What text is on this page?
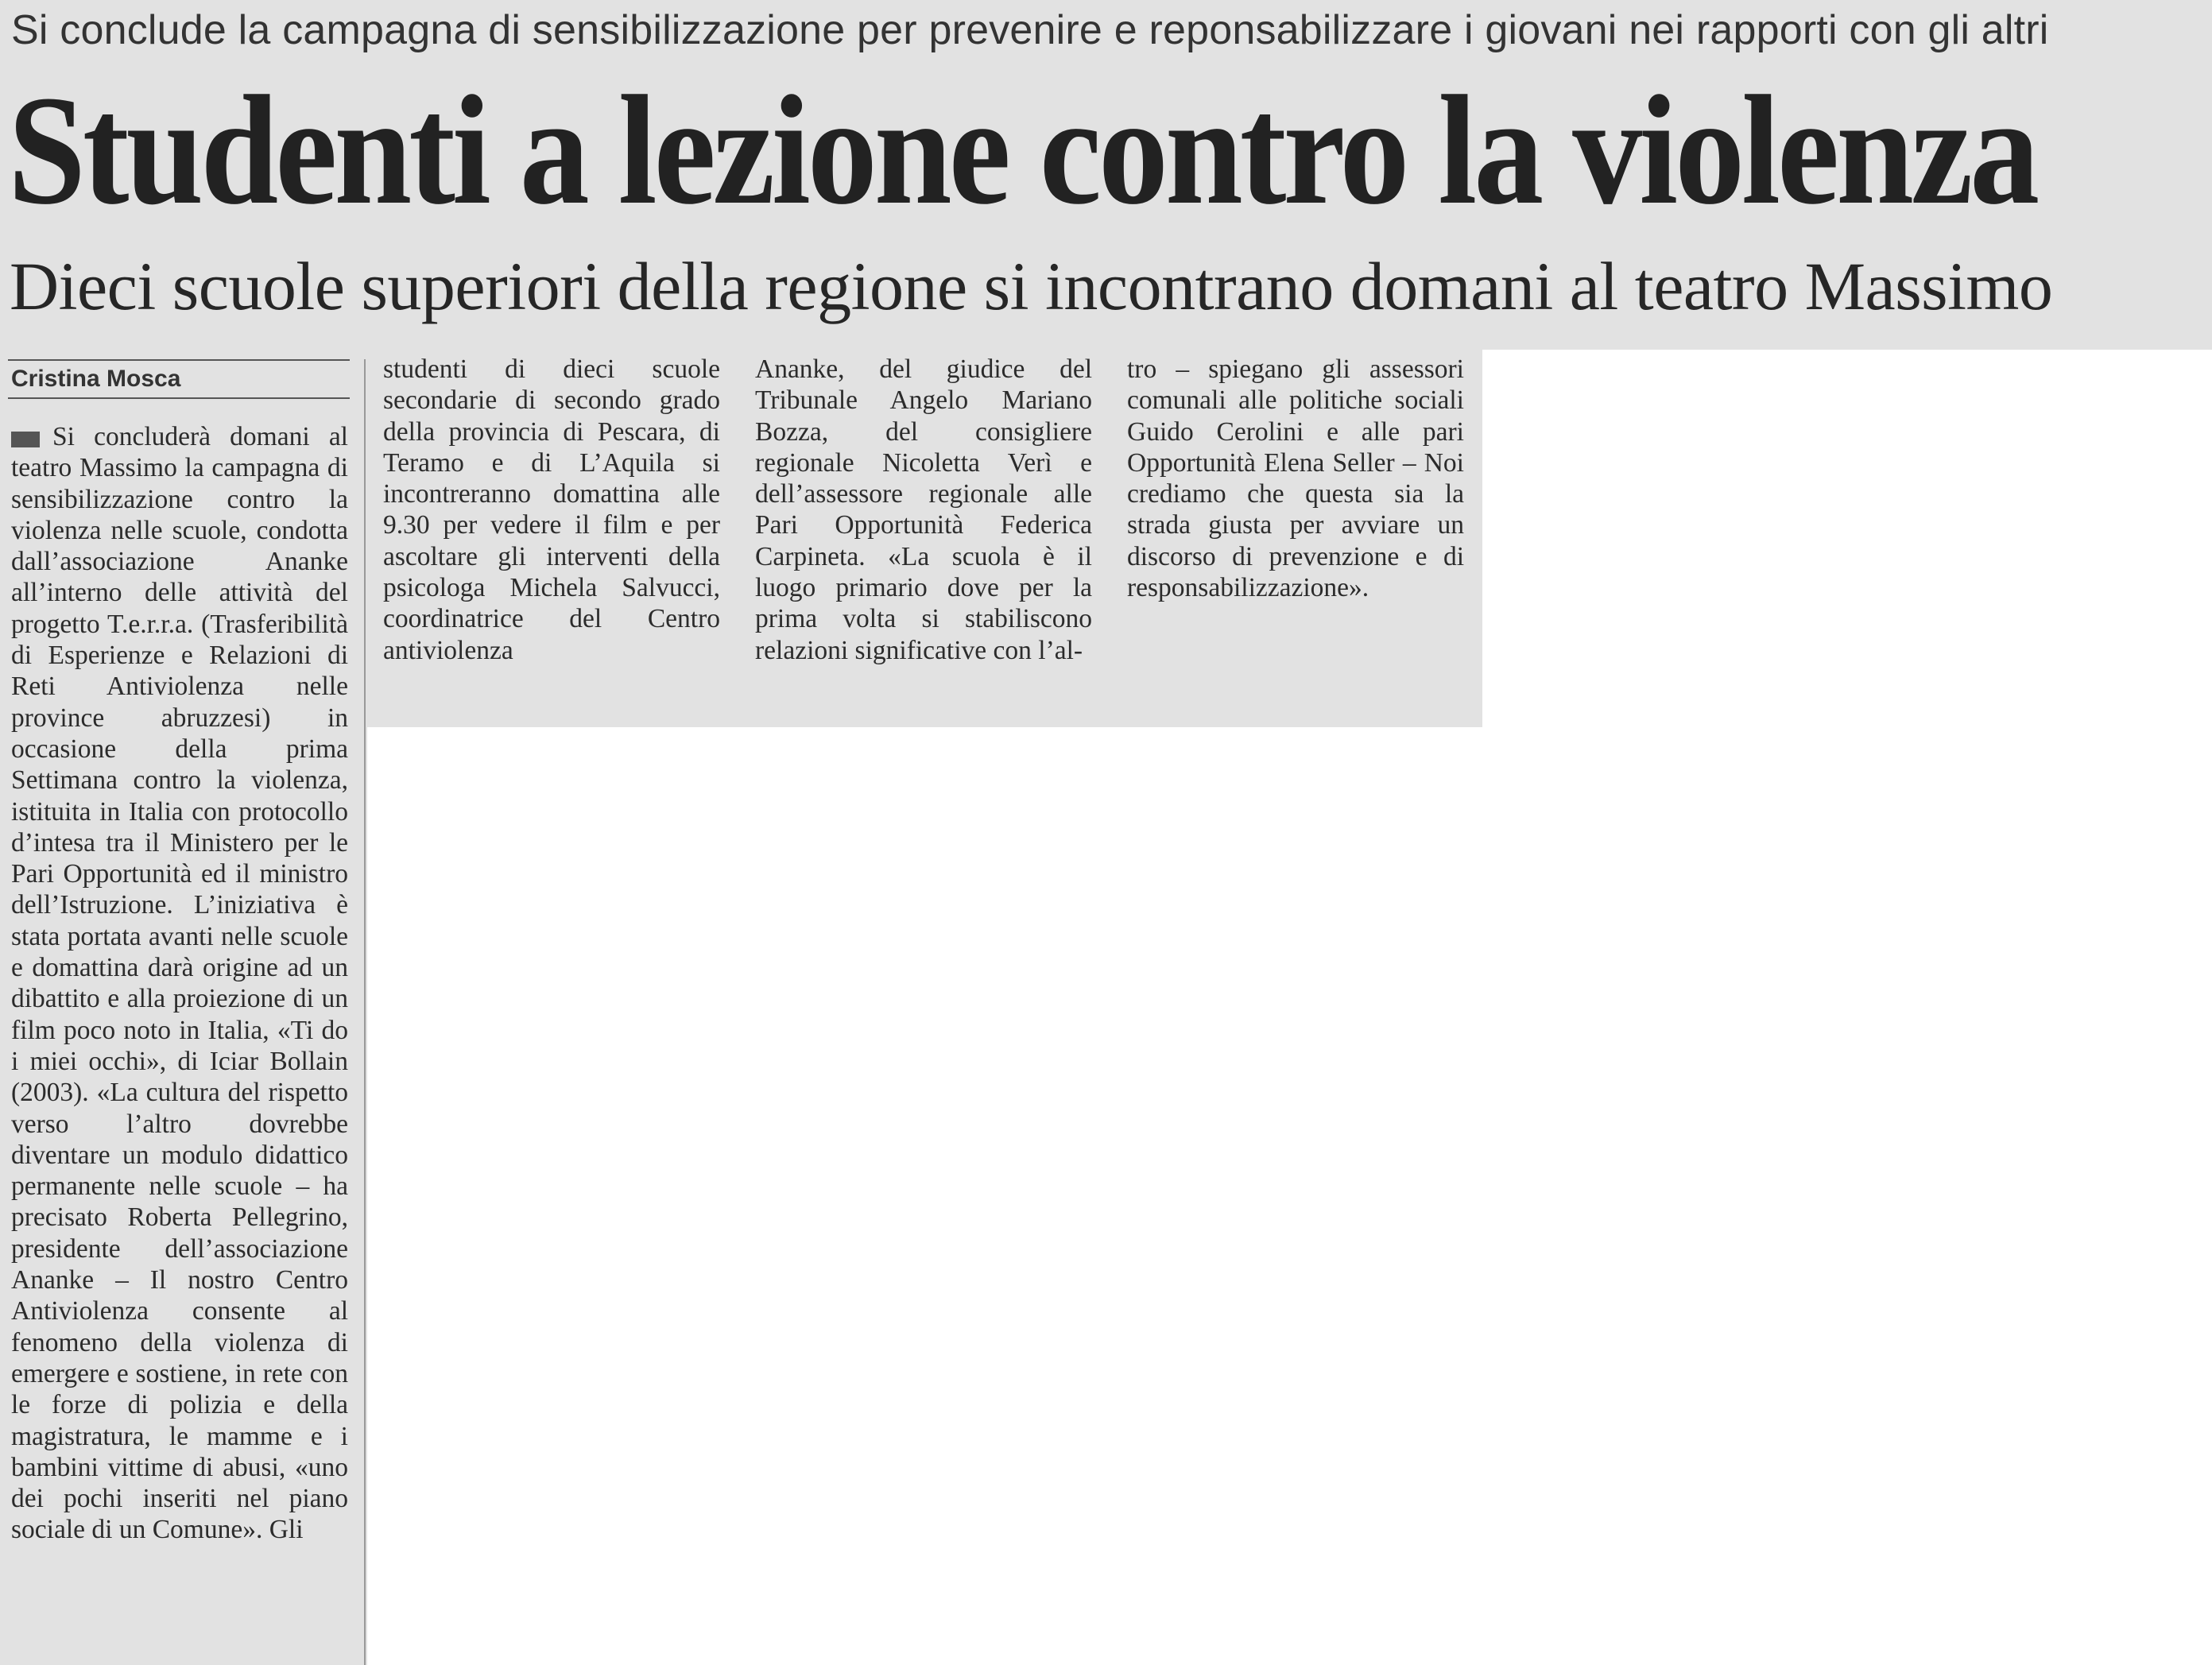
Si conclude la campagna di sensibilizzazione per prevenire e reponsabilizzare i giovani nei rapporti con gli altri
Studenti a lezione contro la violenza
Dieci scuole superiori della regione si incontrano domani al teatro Massimo
Cristina Mosca
Si concluderà domani al teatro Massimo la campagna di sensibilizzazione contro la violenza nelle scuole, condotta dall’associazione Ananke all’interno delle attività del progetto T.e.r.r.a. (Trasferibilità di Esperienze e Relazioni di Reti Antiviolenza nelle province abruzzesi) in occasione della prima Settimana contro la violenza, istituita in Italia con protocollo d’intesa tra il Ministero per le Pari Opportunità ed il ministro dell’Istruzione. L’iniziativa è stata portata avanti nelle scuole e domattina darà origine ad un dibattito e alla proiezione di un film poco noto in Italia, «Ti do i miei occhi», di Iciar Bollain (2003). «La cultura del rispetto verso l’altro dovrebbe diventare un modulo didattico permanente nelle scuole – ha precisato Roberta Pellegrino, presidente dell’associazione Ananke – Il nostro Centro Antiviolenza consente al fenomeno della violenza di emergere e sostiene, in rete con le forze di polizia e della magistratura, le mamme e i bambini vittime di abusi, «uno dei pochi inseriti nel piano sociale di un Comune». Gli
studenti di dieci scuole secondarie di secondo grado della provincia di Pescara, di Teramo e di L’Aquila si incontreranno domattina alle 9.30 per vedere il film e per ascoltare gli interventi della psicologa Michela Salvucci, coordinatrice del Centro antiviolenza
Ananke, del giudice del Tribunale Angelo Mariano Bozza, del consigliere regionale Nicoletta Verì e dell’assessore regionale alle Pari Opportunità Federica Carpineta. «La scuola è il luogo primario dove per la prima volta si stabiliscono relazioni significative con l’al-
tro – spiegano gli assessori comunali alle politiche sociali Guido Cerolini e alle pari Opportunità Elena Seller – Noi crediamo che questa sia la strada giusta per avviare un discorso di prevenzione e di responsabilizzazione».
